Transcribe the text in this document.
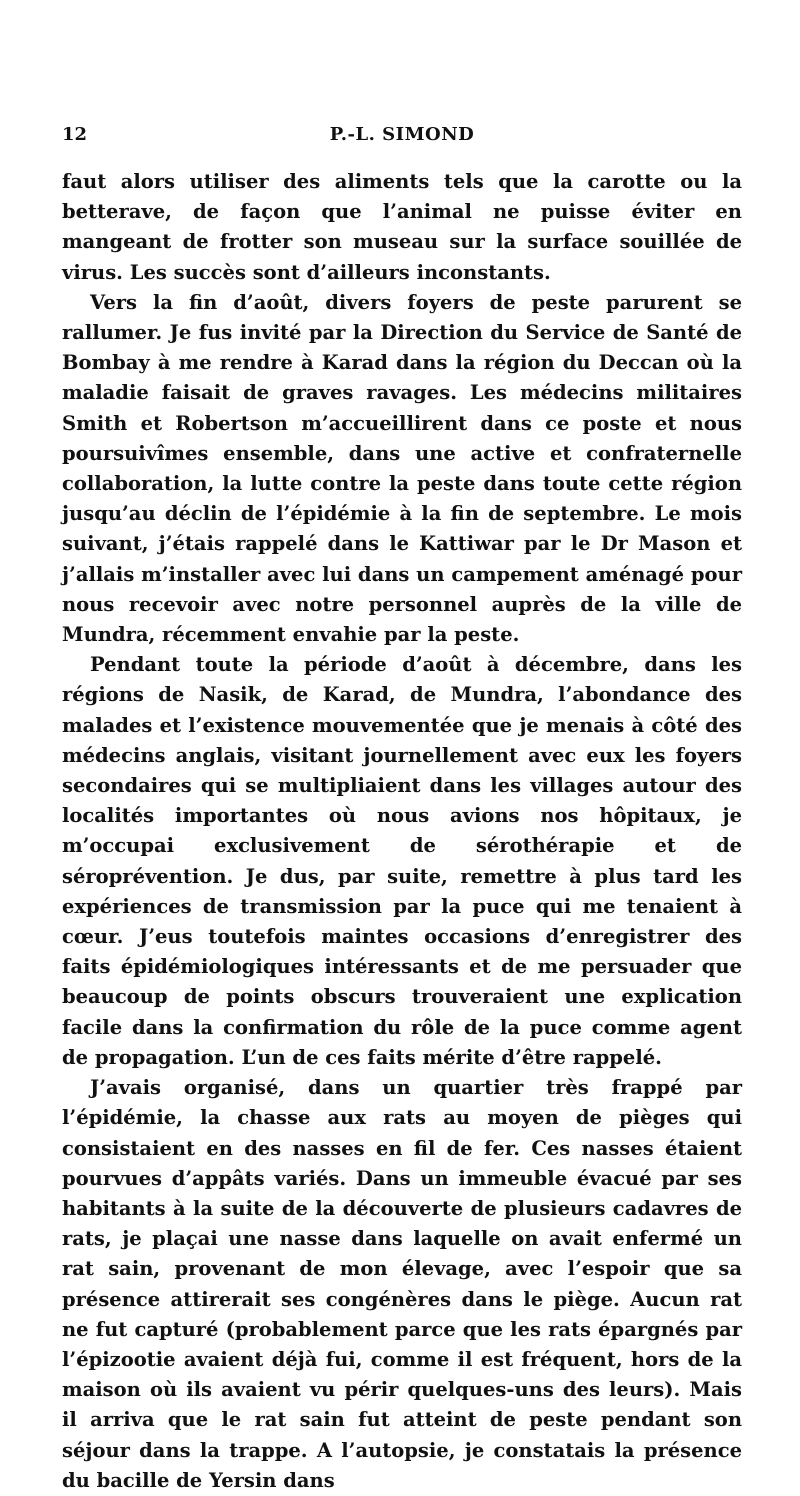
12	P.-L. SIMOND

faut alors utiliser des aliments tels que la carotte ou la betterave, de façon que l’animal ne puisse éviter en mangeant de frotter son museau sur la surface souillée de virus. Les succès sont d’ailleurs inconstants.

Vers la fin d’août, divers foyers de peste parurent se rallumer. Je fus invité par la Direction du Service de Santé de Bombay à me rendre à Karad dans la région du Deccan où la maladie faisait de graves ravages. Les médecins militaires Smith et Robertson m’accueillirent dans ce poste et nous poursuivîmes ensemble, dans une active et confraternelle collaboration, la lutte contre la peste dans toute cette région jusqu’au déclin de l’épidémie à la fin de septembre. Le mois suivant, j’étais rappelé dans le Kattiwar par le Dr Mason et j’allais m’installer avec lui dans un campement aménagé pour nous recevoir avec notre personnel auprès de la ville de Mundra, récemment envahie par la peste.

Pendant toute la période d’août à décembre, dans les régions de Nasik, de Karad, de Mundra, l’abondance des malades et l’existence mouvementée que je menais à côté des médecins anglais, visitant journellement avec eux les foyers secondaires qui se multipliaient dans les villages autour des localités importantes où nous avions nos hôpitaux, je m’occupai exclusivement de sérothérapie et de séroprévention. Je dus, par suite, remettre à plus tard les expériences de transmission par la puce qui me tenaient à cœur. J’eus toutefois maintes occasions d’enregistrer des faits épidémiologiques intéressants et de me persuader que beaucoup de points obscurs trouveraient une explication facile dans la confirmation du rôle de la puce comme agent de propagation. L’un de ces faits mérite d’être rappelé.

J’avais organisé, dans un quartier très frappé par l’épidémie, la chasse aux rats au moyen de pièges qui consistaient en des nasses en fil de fer. Ces nasses étaient pourvues d’appâts variés. Dans un immeuble évacué par ses habitants à la suite de la découverte de plusieurs cadavres de rats, je plaçai une nasse dans laquelle on avait enfermé un rat sain, provenant de mon élevage, avec l’espoir que sa présence attirerait ses congénères dans le piège. Aucun rat ne fut capturé (probablement parce que les rats épargnés par l’épizootie avaient déjà fui, comme il est fréquent, hors de la maison où ils avaient vu périr quelques-uns des leurs). Mais il arriva que le rat sain fut atteint de peste pendant son séjour dans la trappe. A l’autopsie, je constatais la présence du bacille de Yersin dans
